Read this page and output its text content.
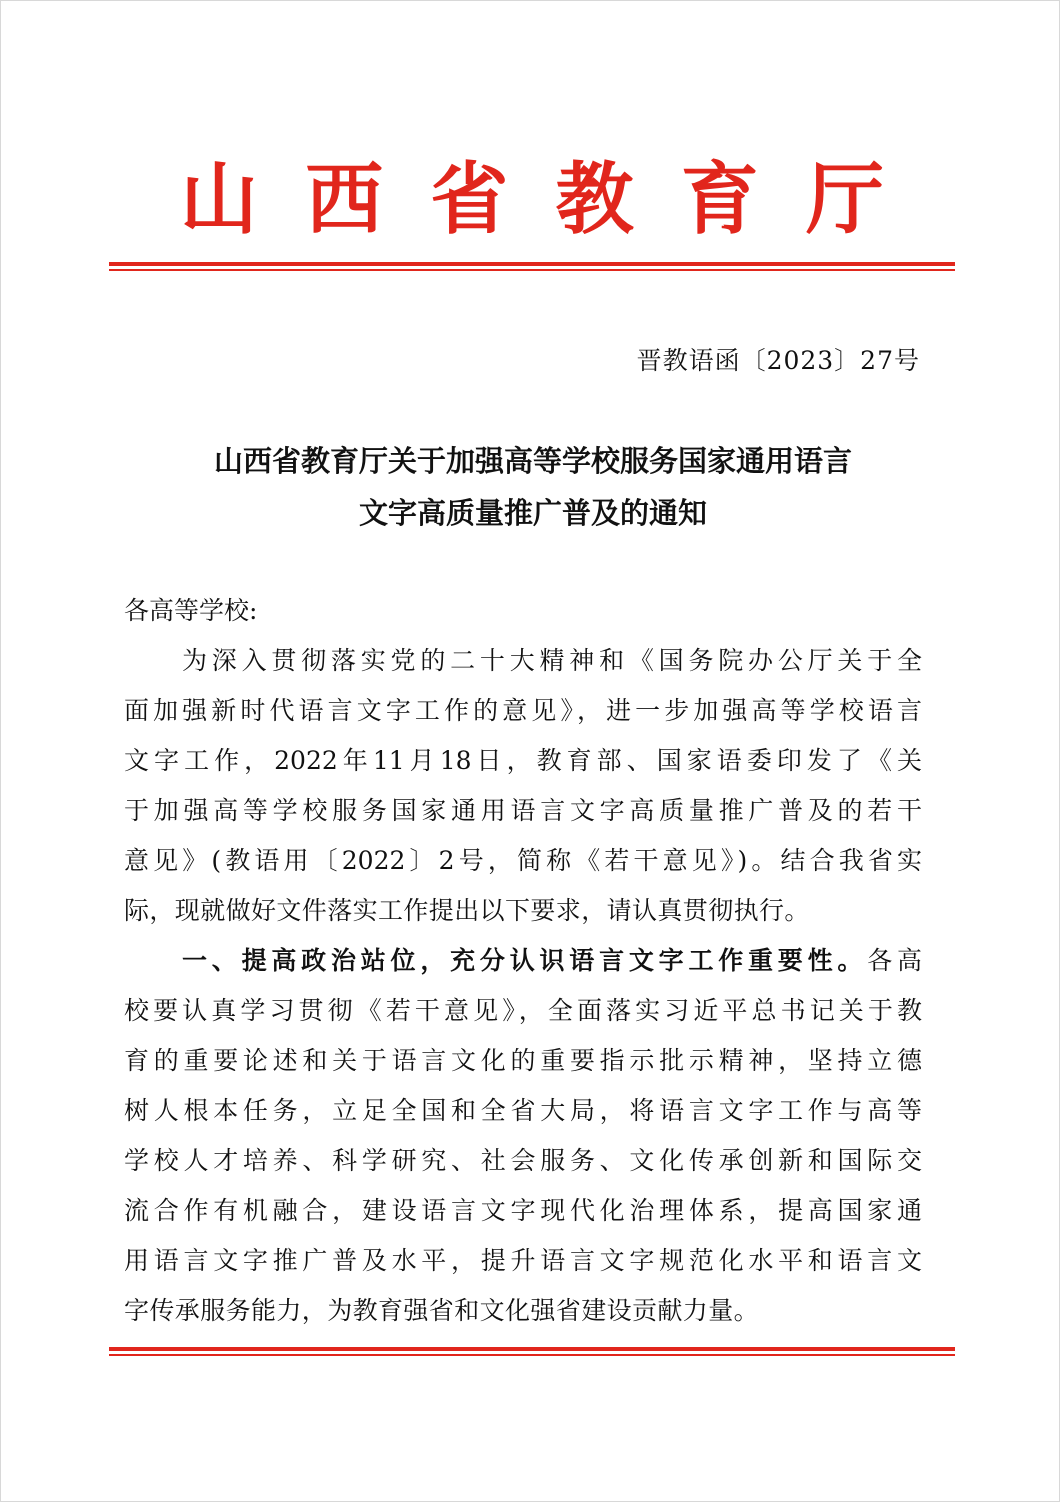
山 西 省 教 育 厅
晋教语函〔2023〕27号
山西省教育厅关于加强高等学校服务国家通用语言
文字高质量推广普及的通知
各高等学校:
为深入贯彻落实党的二十大精神和《国务院办公厅关于全
面加强新时代语言文字工作的意见》，进一步加强高等学校语言
文字工作，2022年11月18日，教育部、国家语委印发了《关
于加强高等学校服务国家通用语言文字高质量推广普及的若干
意见》(教语用〔2022〕2号，简称《若干意见》)。结合我省实
际，现就做好文件落实工作提出以下要求，请认真贯彻执行。
一、提高政治站位，充分认识语言文字工作重要性。各高
校要认真学习贯彻《若干意见》，全面落实习近平总书记关于教
育的重要论述和关于语言文化的重要指示批示精神，坚持立德
树人根本任务，立足全国和全省大局，将语言文字工作与高等
学校人才培养、科学研究、社会服务、文化传承创新和国际交
流合作有机融合，建设语言文字现代化治理体系，提高国家通
用语言文字推广普及水平，提升语言文字规范化水平和语言文
字传承服务能力，为教育强省和文化强省建设贡献力量。
